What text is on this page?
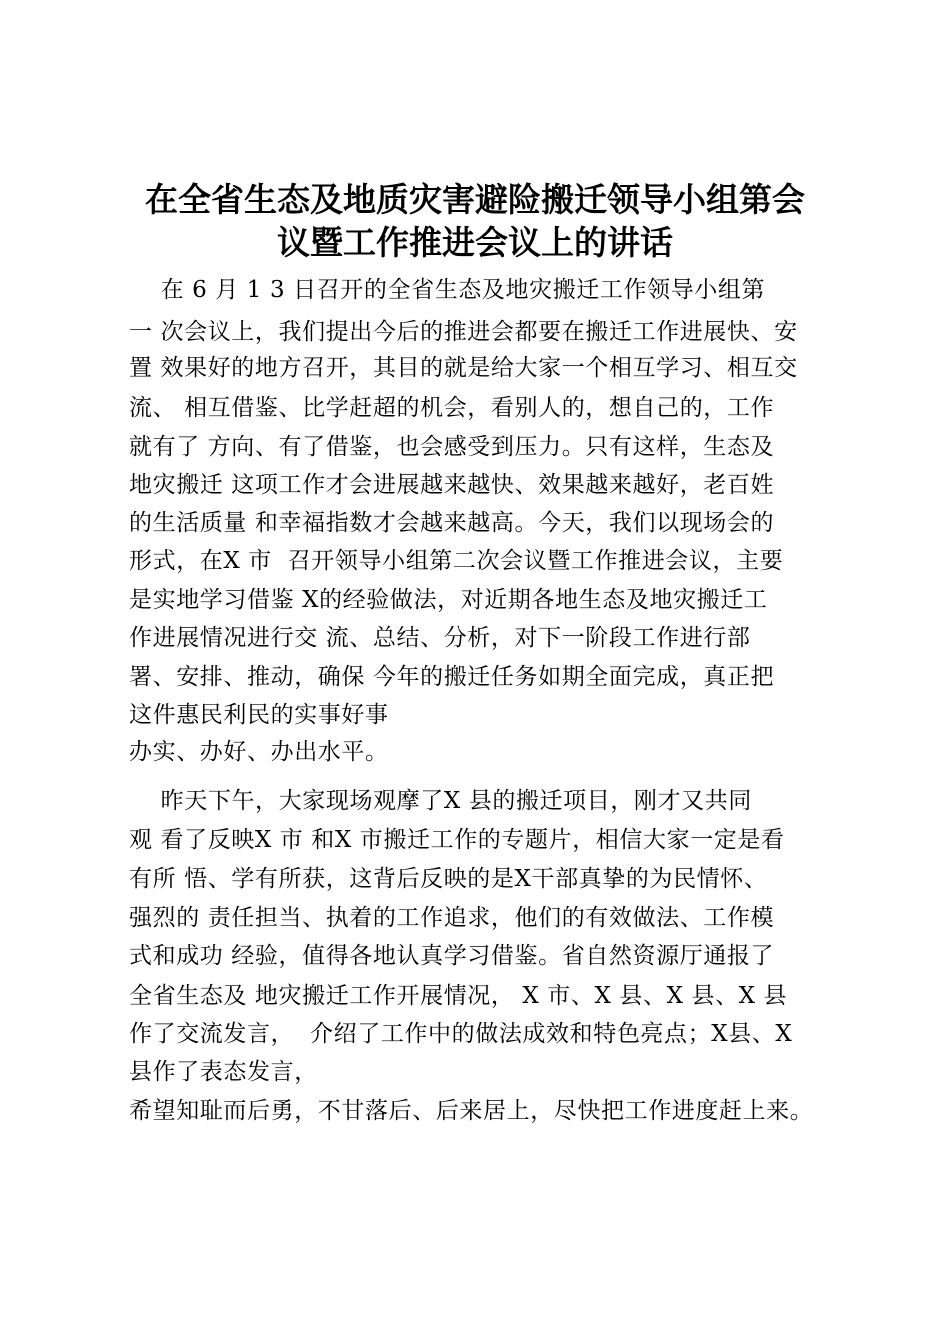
在全省生态及地质灾害避险搬迁领导小组第会
议暨工作推进会议上的讲话
在 6 月 1 3 日召开的全省生态及地灾搬迁工作领导小组第
一 次会议上，我们提出今后的推进会都要在搬迁工作进展快、安
置 效果好的地方召开，其目的就是给大家一个相互学习、相互交
流、 相互借鉴、比学赶超的机会，看别人的，想自己的，工作
就有了 方向、有了借鉴，也会感受到压力。只有这样，生态及
地灾搬迁 这项工作才会进展越来越快、效果越来越好，老百姓
的生活质量 和幸福指数才会越来越高。今天，我们以现场会的
形式，在X 市  召开领导小组第二次会议暨工作推进会议，主要
是实地学习借鉴 X的经验做法，对近期各地生态及地灾搬迁工
作进展情况进行交 流、总结、分析，对下一阶段工作进行部
署、安排、推动，确保 今年的搬迁任务如期全面完成，真正把
这件惠民利民的实事好事
办实、办好、办出水平。
昨天下午，大家现场观摩了X 县的搬迁项目，刚才又共同
观 看了反映X 市 和X 市搬迁工作的专题片，相信大家一定是看
有所 悟、学有所获，这背后反映的是X干部真挚的为民情怀、
强烈的 责任担当、执着的工作追求，他们的有效做法、工作模
式和成功 经验，值得各地认真学习借鉴。省自然资源厅通报了
全省生态及 地灾搬迁工作开展情况， X 市、X 县、X 县、X 县
作了交流发言，  介绍了工作中的做法成效和特色亮点；X县、X
县作了表态发言，
希望知耻而后勇，不甘落后、后来居上，尽快把工作进度赶上来。
